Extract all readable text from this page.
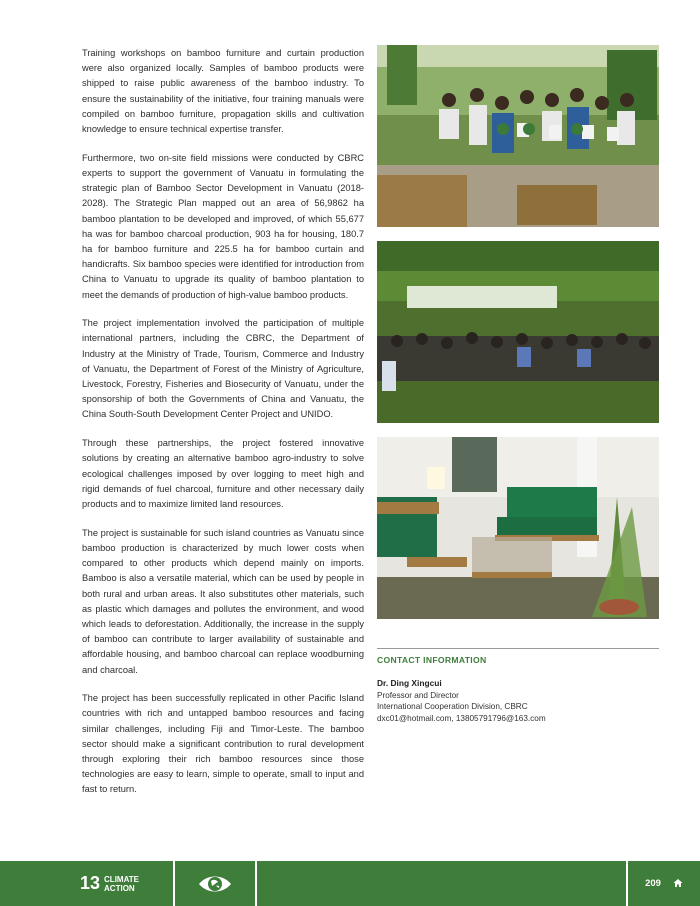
Training workshops on bamboo furniture and curtain production were also organized locally. Samples of bamboo products were shipped to raise public awareness of the bamboo industry. To ensure the sustainability of the initiative, four training manuals were compiled on bamboo furniture, propagation skills and cultivation knowledge to ensure technical expertise transfer.

Furthermore, two on-site field missions were conducted by CBRC experts to support the government of Vanuatu in formulating the strategic plan of Bamboo Sector Development in Vanuatu (2018-2028). The Strategic Plan mapped out an area of 56,9862 ha bamboo plantation to be developed and improved, of which 55,677 ha was for bamboo charcoal production, 903 ha for housing, 180.7 ha for bamboo furniture and 225.5 ha for bamboo curtain and handicrafts. Six bamboo species were identified for introduction from China to Vanuatu to upgrade its quality of bamboo plantation to meet the demands of production of high-value bamboo products.

The project implementation involved the participation of multiple international partners, including the CBRC, the Department of Industry at the Ministry of Trade, Tourism, Commerce and Industry of Vanuatu, the Department of Forest of the Ministry of Agriculture, Livestock, Forestry, Fisheries and Biosecurity of Vanuatu, under the sponsorship of both the Governments of China and Vanuatu, the China South-South Development Center Project and UNIDO.

Through these partnerships, the project fostered innovative solutions by creating an alternative bamboo agro-industry to solve ecological challenges imposed by over logging to meet high and rigid demands of fuel charcoal, furniture and other necessary daily products and to maximize limited land resources.

The project is sustainable for such island countries as Vanuatu since bamboo production is characterized by much lower costs when compared to other products which depend mainly on imports. Bamboo is also a versatile material, which can be used by people in both rural and urban areas. It also substitutes other materials, such as plastic which damages and pollutes the environment, and wood which leads to deforestation. Additionally, the increase in the supply of bamboo can contribute to larger availability of sustainable and affordable housing, and bamboo charcoal can replace woodburning and charcoal.

The project has been successfully replicated in other Pacific Island countries with rich and untapped bamboo resources and facing similar challenges, including Fiji and Timor-Leste. The bamboo sector should make a significant contribution to rural development through exploring their rich bamboo resources since those technologies are easy to learn, simple to operate, small to input and fast to return.

CONTACT INFORMATION
Dr. Ding Xingcui
Professor and Director
International Cooperation Division, CBRC
dxc01@hotmail.com, 13805791796@163.com
13 CLIMATE
ACTION	209
